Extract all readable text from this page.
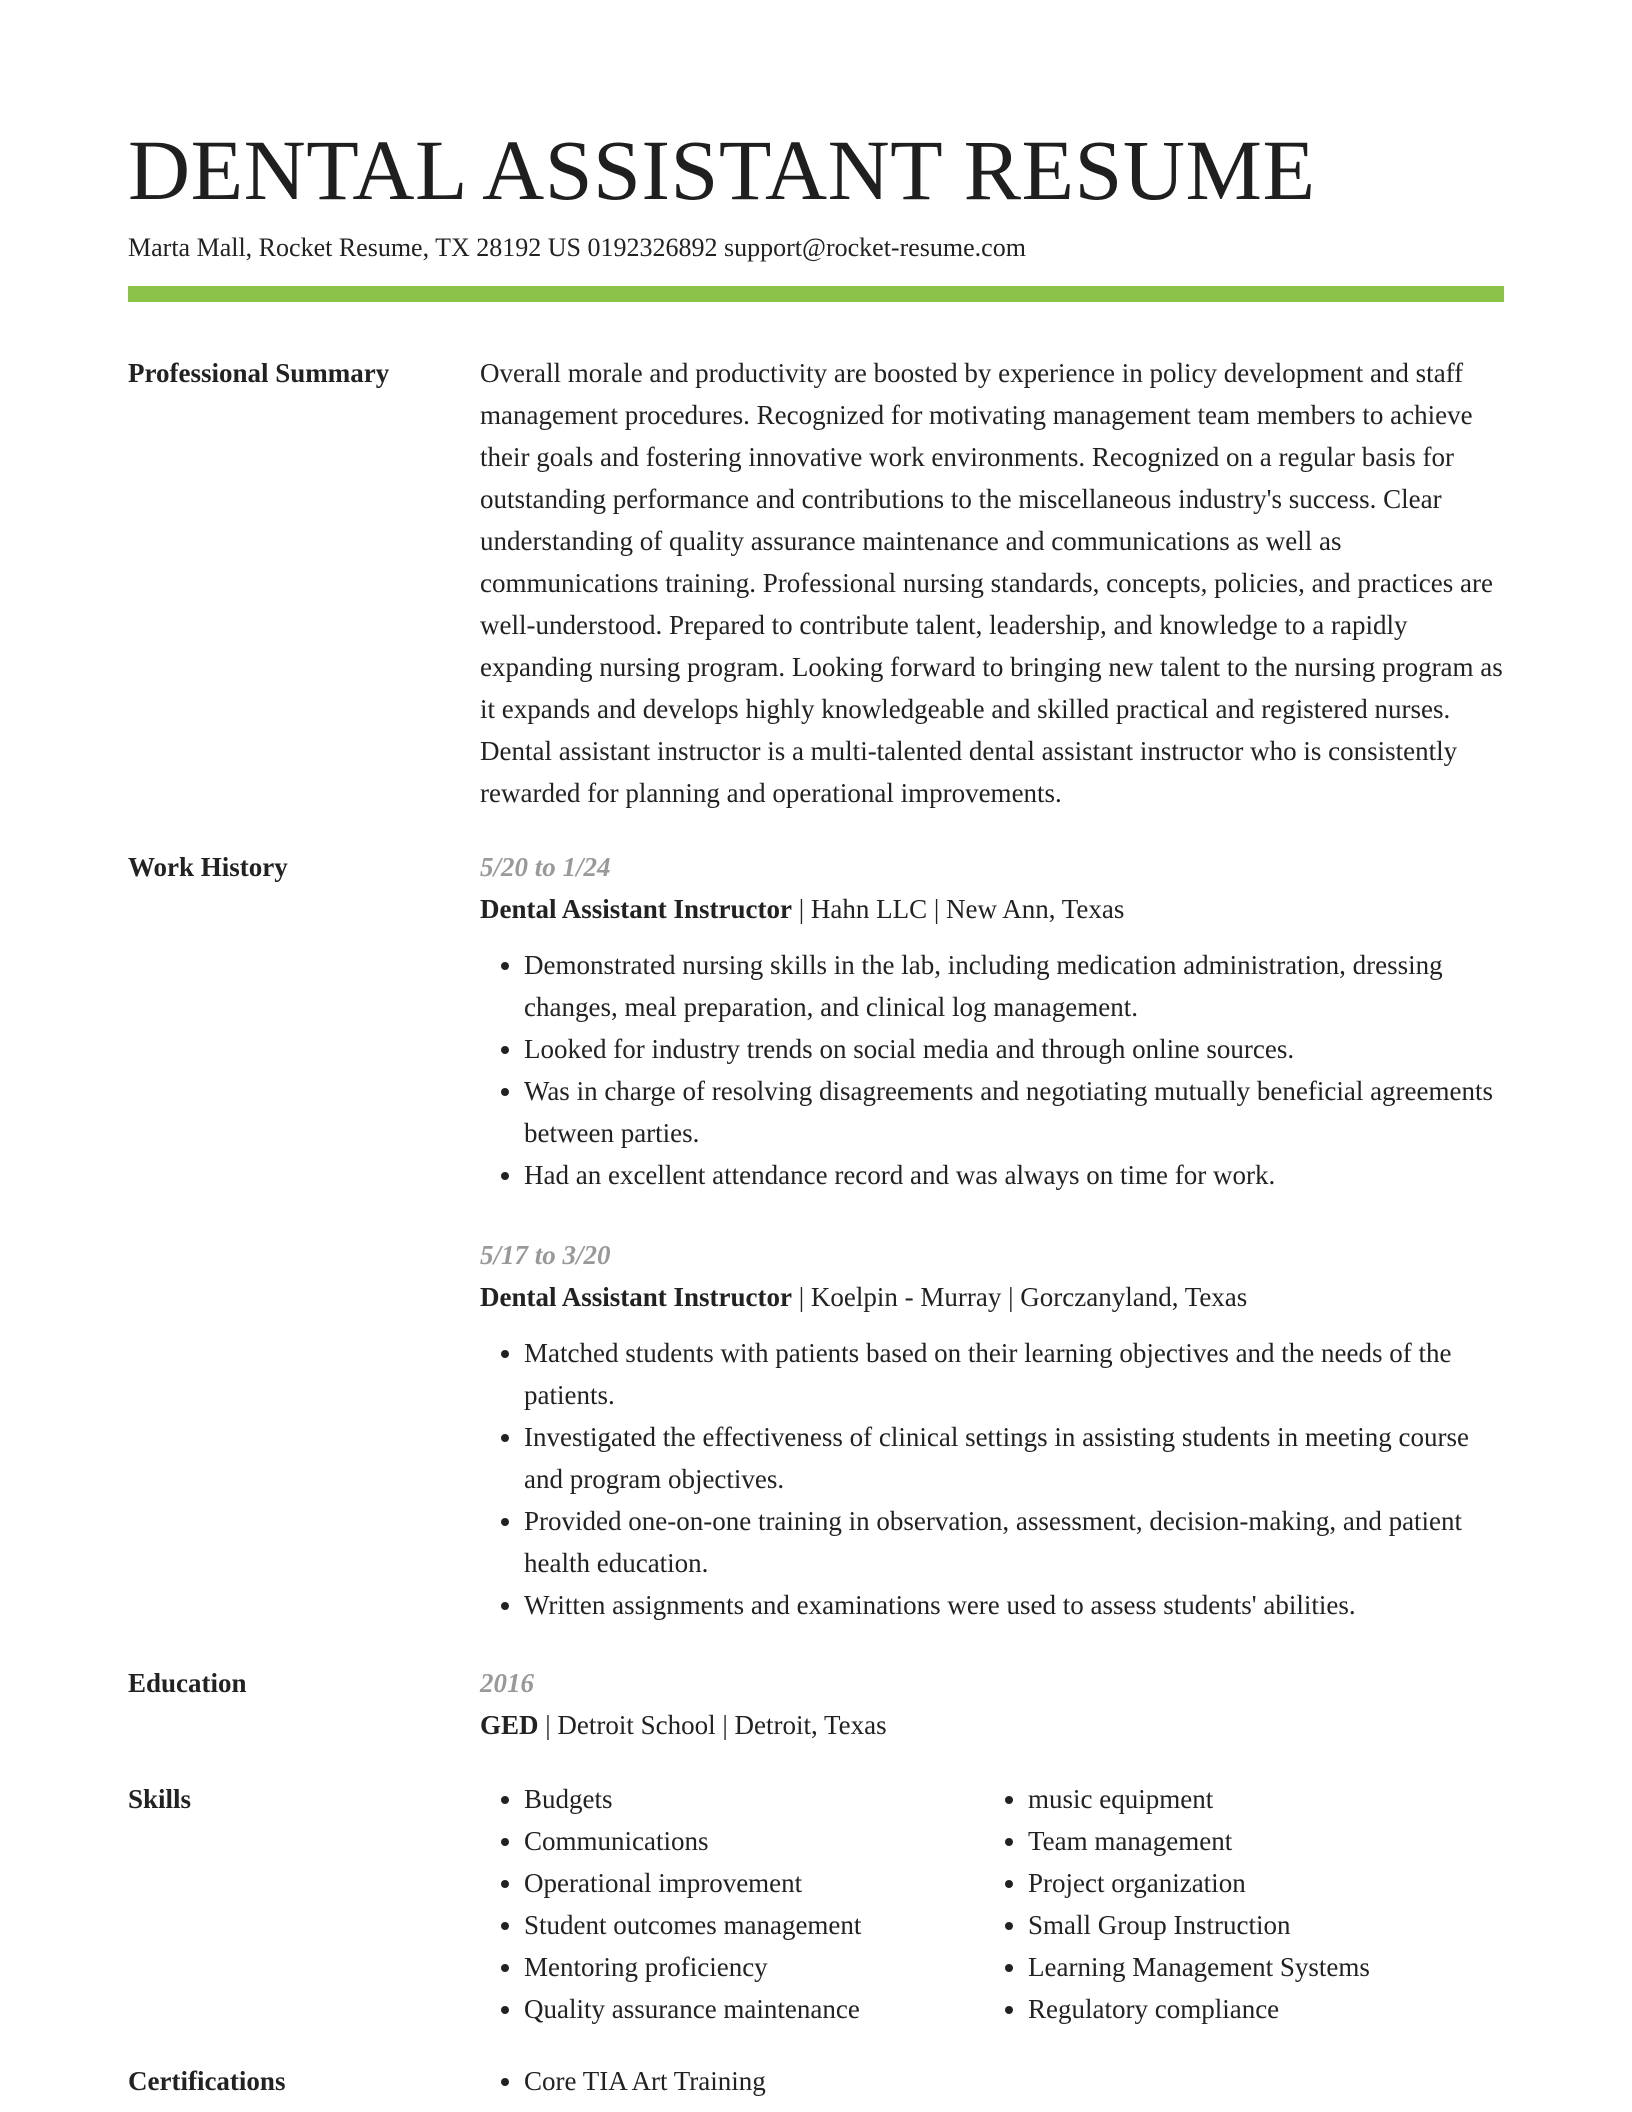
DENTAL ASSISTANT RESUME
Marta Mall, Rocket Resume, TX 28192 US 0192326892 support@rocket-resume.com
Professional Summary	Overall morale and productivity are boosted by experience in policy development and staff management procedures. Recognized for motivating management team members to achieve their goals and fostering innovative work environments. Recognized on a regular basis for outstanding performance and contributions to the miscellaneous industry's success. Clear understanding of quality assurance maintenance and communications as well as communications training. Professional nursing standards, concepts, policies, and practices are well-understood. Prepared to contribute talent, leadership, and knowledge to a rapidly expanding nursing program. Looking forward to bringing new talent to the nursing program as it expands and develops highly knowledgeable and skilled practical and registered nurses. Dental assistant instructor is a multi-talented dental assistant instructor who is consistently rewarded for planning and operational improvements.
Work History	5/20 to 1/24
Dental Assistant Instructor | Hahn LLC | New Ann, Texas
• Demonstrated nursing skills in the lab, including medication administration, dressing changes, meal preparation, and clinical log management.
• Looked for industry trends on social media and through online sources.
• Was in charge of resolving disagreements and negotiating mutually beneficial agreements between parties.
• Had an excellent attendance record and was always on time for work.
5/17 to 3/20
Dental Assistant Instructor | Koelpin - Murray | Gorczanyland, Texas
• Matched students with patients based on their learning objectives and the needs of the patients.
• Investigated the effectiveness of clinical settings in assisting students in meeting course and program objectives.
• Provided one-on-one training in observation, assessment, decision-making, and patient health education.
• Written assignments and examinations were used to assess students' abilities.
Education	2016
GED | Detroit School | Detroit, Texas
Skills	• Budgets
• Communications
• Operational improvement
• Student outcomes management
• Mentoring proficiency
• Quality assurance maintenance
• music equipment
• Team management
• Project organization
• Small Group Instruction
• Learning Management Systems
• Regulatory compliance
Certifications	• Core TIA Art Training
